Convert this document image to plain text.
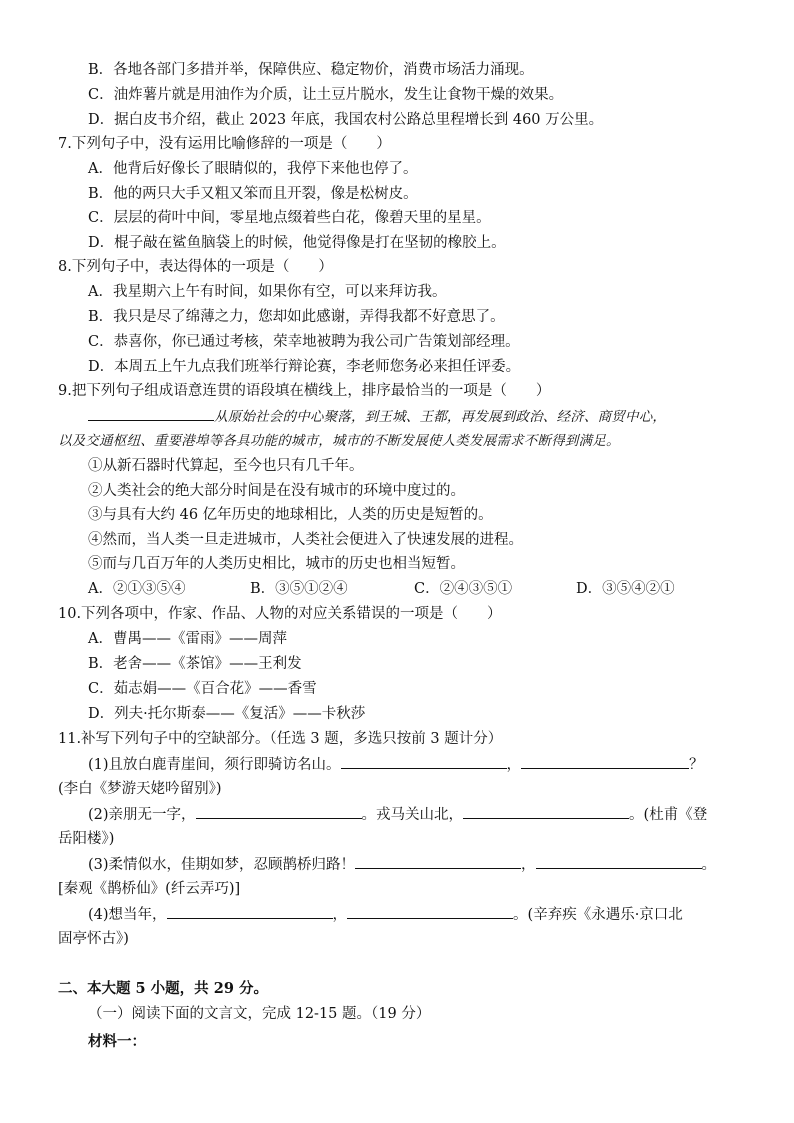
B．各地各部门多措并举，保障供应、稳定物价，消费市场活力涌现。
C．油炸薯片就是用油作为介质，让土豆片脱水，发生让食物干燥的效果。
D．据白皮书介绍，截止 2023 年底，我国农村公路总里程增长到 460 万公里。
7.下列句子中，没有运用比喻修辞的一项是（　　）
A．他背后好像长了眼睛似的，我停下来他也停了。
B．他的两只大手又粗又笨而且开裂，像是松树皮。
C．层层的荷叶中间，零星地点缀着些白花，像碧天里的星星。
D．棍子敲在鲨鱼脑袋上的时候，他觉得像是打在坚韧的橡胶上。
8.下列句子中，表达得体的一项是（　　）
A．我星期六上午有时间，如果你有空，可以来拜访我。
B．我只是尽了绵薄之力，您却如此感谢，弄得我都不好意思了。
C．恭喜你，你已通过考核，荣幸地被聘为我公司广告策划部经理。
D．本周五上午九点我们班举行辩论赛，李老师您务必来担任评委。
9.把下列句子组成语意连贯的语段填在横线上，排序最恰当的一项是（　　）
从原始社会的中心聚落，到王城、王都，再发展到政治、经济、商贸中心，
以及交通枢纽、重要港埠等各具功能的城市，城市的不断发展使人类发展需求不断得到满足。
①从新石器时代算起，至今也只有几千年。
②人类社会的绝大部分时间是在没有城市的环境中度过的。
③与具有大约 46 亿年历史的地球相比，人类的历史是短暂的。
④然而，当人类一旦走进城市，人类社会便进入了快速发展的进程。
⑤而与几百万年的人类历史相比，城市的历史也相当短暂。
A．②①③⑤④	B．③⑤①②④	C．②④③⑤①	D．③⑤④②①
10.下列各项中，作家、作品、人物的对应关系错误的一项是（　　）
A．曹禺——《雷雨》——周萍
B．老舍——《茶馆》——王利发
C．茹志娟——《百合花》——香雪
D．列夫·托尔斯泰——《复活》——卡秋莎
11.补写下列句子中的空缺部分。（任选 3 题，多选只按前 3 题计分）
(1)且放白鹿青崖间，须行即骑访名山。	，	？
(李白《梦游天姥吟留别》)
(2)亲朋无一字，	。戎马关山北，	。(杜甫《登
岳阳楼》)
(3)柔情似水，佳期如梦，忍顾鹊桥归路！	，	。
[秦观《鹊桥仙》(纤云弄巧)]
(4)想当年，	，	。(辛弃疾《永遇乐·京口北
固亭怀古》)
二、本大题 5 小题，共 29 分。
（一）阅读下面的文言文，完成 12-15 题。（19 分）
材料一：
